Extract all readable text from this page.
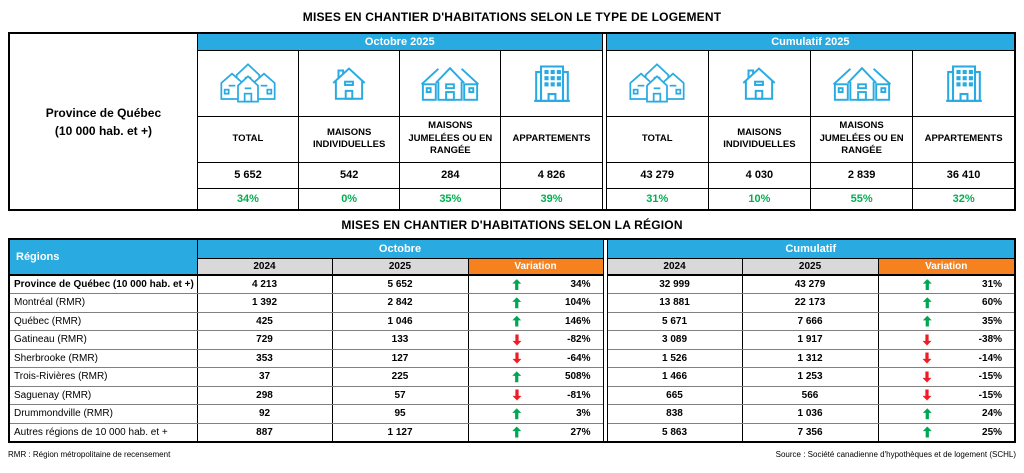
MISES EN CHANTIER D'HABITATIONS SELON LE TYPE DE LOGEMENT
Province de Québec
(10 000 hab. et +)	Octobre 2025					Cumulatif 2025			

	TOTAL	MAISONS INDIVIDUELLES	MAISONS JUMELÉES OU EN RANGÉE	APPARTEMENTS		TOTAL	MAISONS INDIVIDUELLES	MAISONS JUMELÉES OU EN RANGÉE	APPARTEMENTS
	5 652	542	284	4 826		43 279	4 030	2 839	36 410
	34%	0%	35%	39%		31%	10%	55%	32%
MISES EN CHANTIER D'HABITATIONS SELON LA RÉGION
Régions	Octobre				Cumulatif		
	2024	2025	Variation		2024	2025	Variation
Province de Québec (10 000 hab. et +)	4 213	5 652	34%		32 999	43 279	31%

Montréal (RMR)	1 392	2 842	104%		13 881	22 173	60%

Québec (RMR)	425	1 046	146%		5 671	7 666	35%

Gatineau (RMR)	729	133	-82%		3 089	1 917	-38%

Sherbrooke (RMR)	353	127	-64%		1 526	1 312	-14%

Trois-Rivières (RMR)	37	225	508%		1 466	1 253	-15%

Saguenay (RMR)	298	57	-81%		665	566	-15%

Drummondville (RMR)	92	95	3%		838	1 036	24%

Autres régions de 10 000 hab. et +	887	1 127	27%		5 863	7 356	25%
RMR : Région métropolitaine de recensement	Source : Société canadienne d'hypothèques et de logement (SCHL)
